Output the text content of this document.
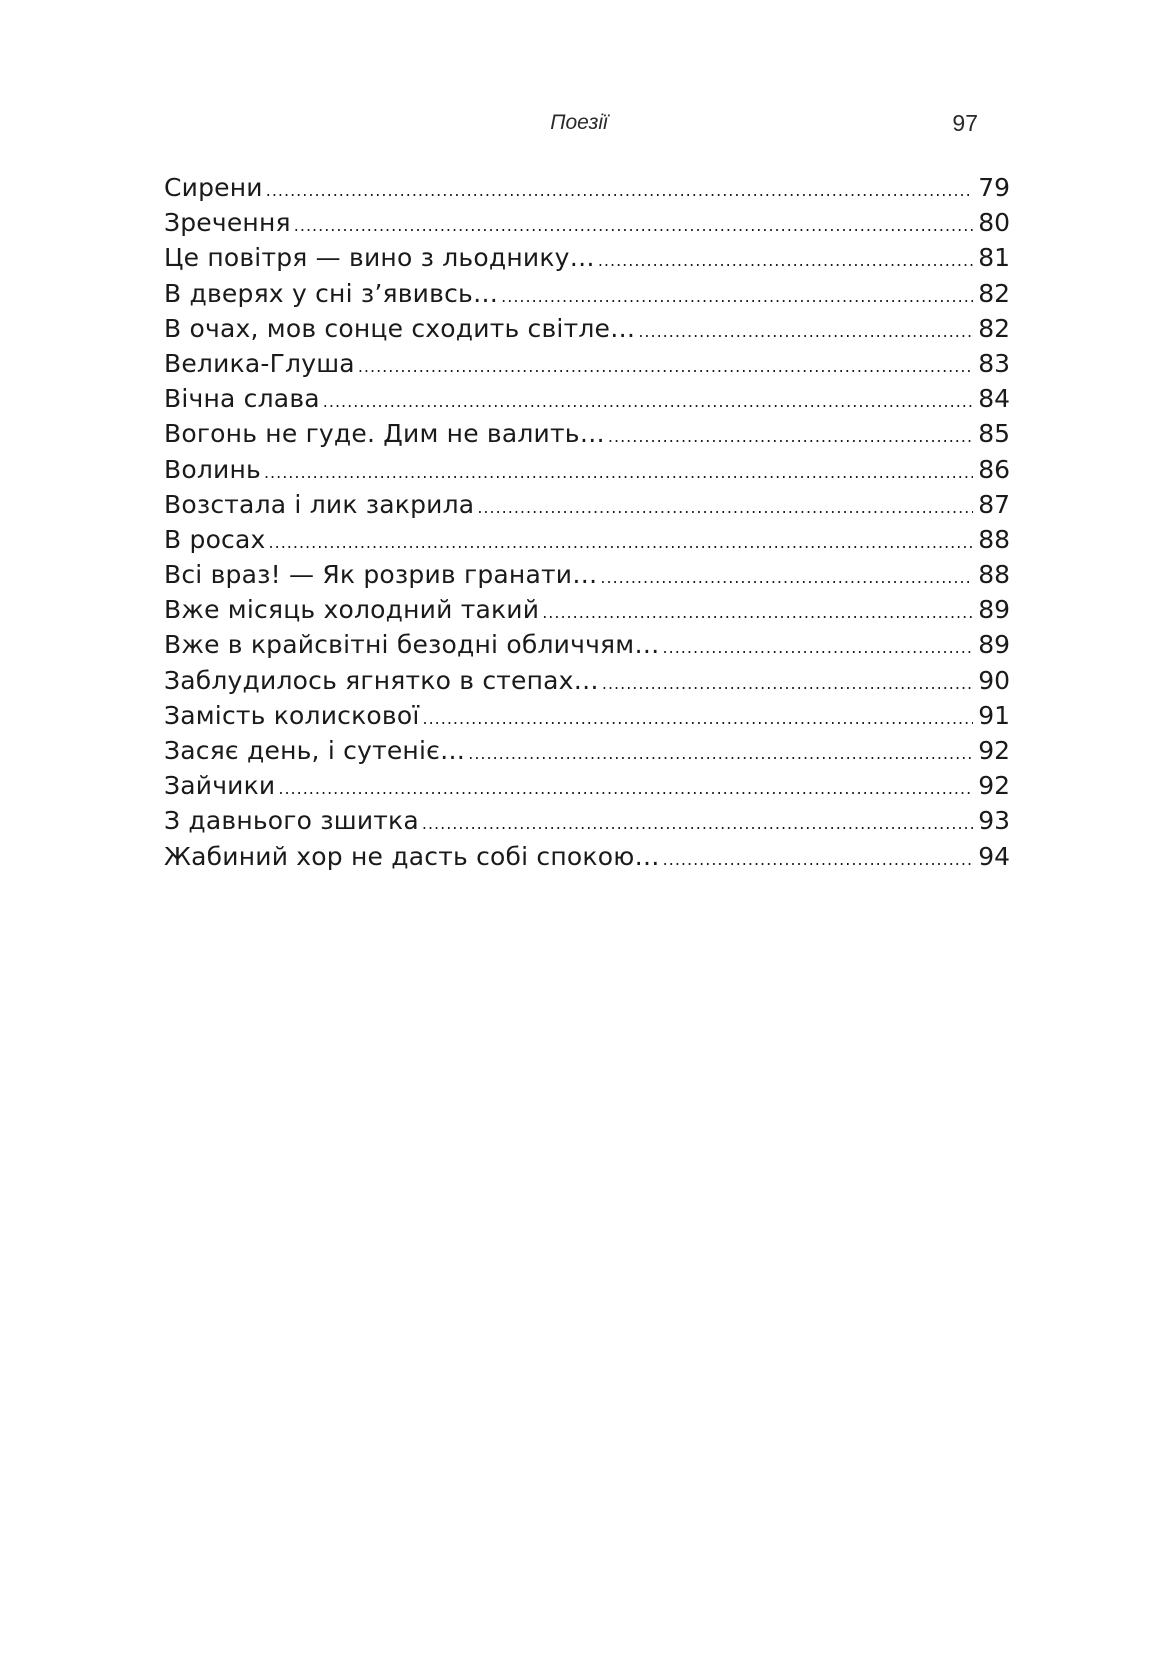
Поезії	97
Сирени .....	79
Зречення .....	80
Це повітря — вино з льоднику… .....	81
В дверях у сні з’явивсь… .....	82
В очах, мов сонце сходить світле… .....	82
Велика-Глуша .....	83
Вічна слава .....	84
Вогонь не гуде. Дим не валить… .....	85
Волинь .....	86
Возстала і лик закрила .....	87
В росах .....	88
Всі враз! — Як розрив гранати… .....	88
Вже місяць холодний такий .....	89
Вже в крайсвітні безодні обличчям… .....	89
Заблудилось ягнятко в степах… .....	90
Замість колискової .....	91
Засяє день, і сутеніє… .....	92
Зайчики .....	92
З давнього зшитка .....	93
Жабиний хор не дасть собі спокою… .....	94
